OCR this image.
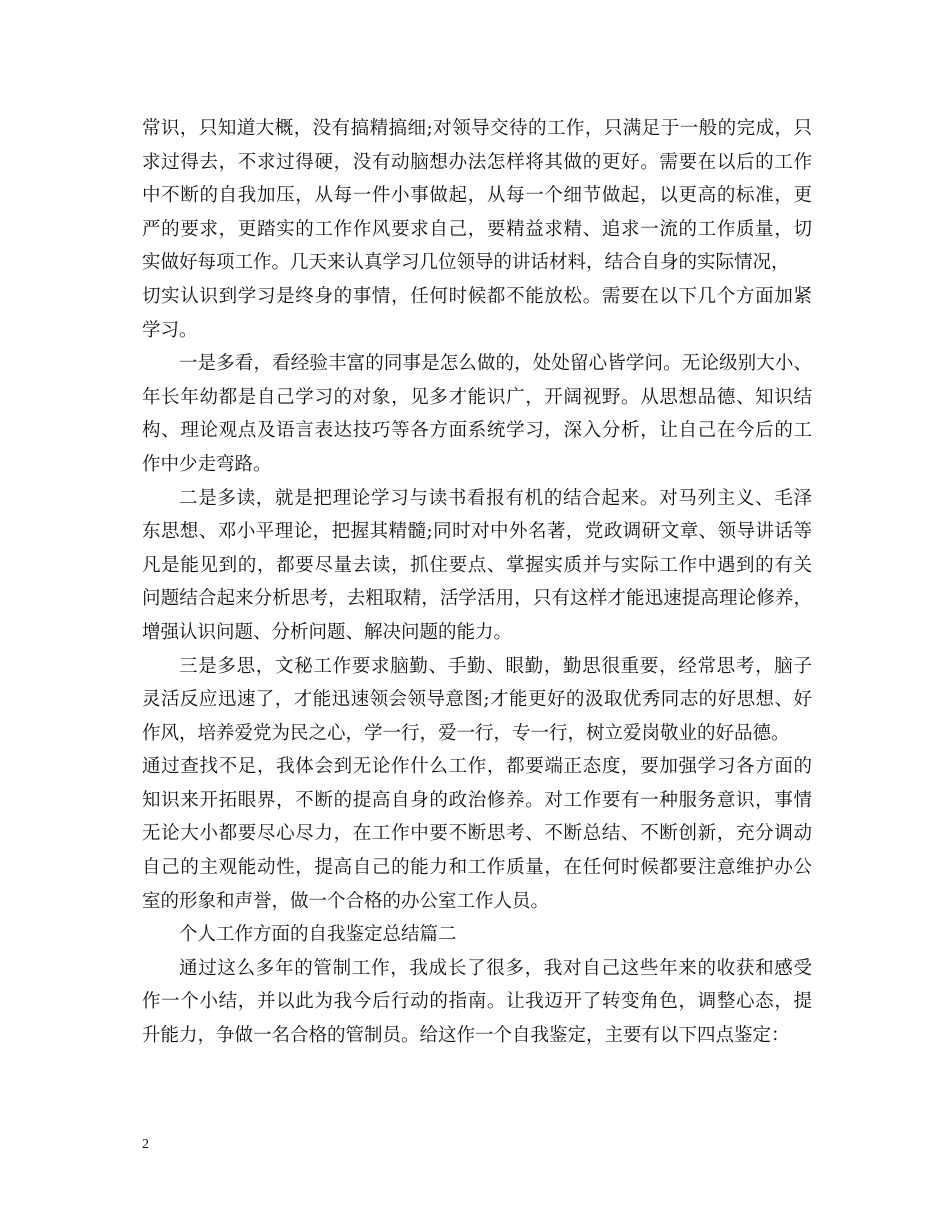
常识，只知道大概，没有搞精搞细;对领导交待的工作，只满足于一般的完成，只
求过得去，不求过得硬，没有动脑想办法怎样将其做的更好。需要在以后的工作
中不断的自我加压，从每一件小事做起，从每一个细节做起，以更高的标准，更
严的要求，更踏实的工作作风要求自己，要精益求精、追求一流的工作质量，切
实做好每项工作。几天来认真学习几位领导的讲话材料，结合自身的实际情况，
切实认识到学习是终身的事情，任何时候都不能放松。需要在以下几个方面加紧
学习。
一是多看，看经验丰富的同事是怎么做的，处处留心皆学问。无论级别大小、
年长年幼都是自己学习的对象，见多才能识广，开阔视野。从思想品德、知识结
构、理论观点及语言表达技巧等各方面系统学习，深入分析，让自己在今后的工
作中少走弯路。
二是多读，就是把理论学习与读书看报有机的结合起来。对马列主义、毛泽
东思想、邓小平理论，把握其精髓;同时对中外名著，党政调研文章、领导讲话等
凡是能见到的，都要尽量去读，抓住要点、掌握实质并与实际工作中遇到的有关
问题结合起来分析思考，去粗取精，活学活用，只有这样才能迅速提高理论修养，
增强认识问题、分析问题、解决问题的能力。
三是多思，文秘工作要求脑勤、手勤、眼勤，勤思很重要，经常思考，脑子
灵活反应迅速了，才能迅速领会领导意图;才能更好的汲取优秀同志的好思想、好
作风，培养爱党为民之心，学一行，爱一行，专一行，树立爱岗敬业的好品德。
通过查找不足，我体会到无论作什么工作，都要端正态度，要加强学习各方面的
知识来开拓眼界，不断的提高自身的政治修养。对工作要有一种服务意识，事情
无论大小都要尽心尽力，在工作中要不断思考、不断总结、不断创新，充分调动
自己的主观能动性，提高自己的能力和工作质量，在任何时候都要注意维护办公
室的形象和声誉，做一个合格的办公室工作人员。
个人工作方面的自我鉴定总结篇二
通过这么多年的管制工作，我成长了很多，我对自己这些年来的收获和感受
作一个小结，并以此为我今后行动的指南。让我迈开了转变角色，调整心态，提
升能力，争做一名合格的管制员。给这作一个自我鉴定，主要有以下四点鉴定：
2
